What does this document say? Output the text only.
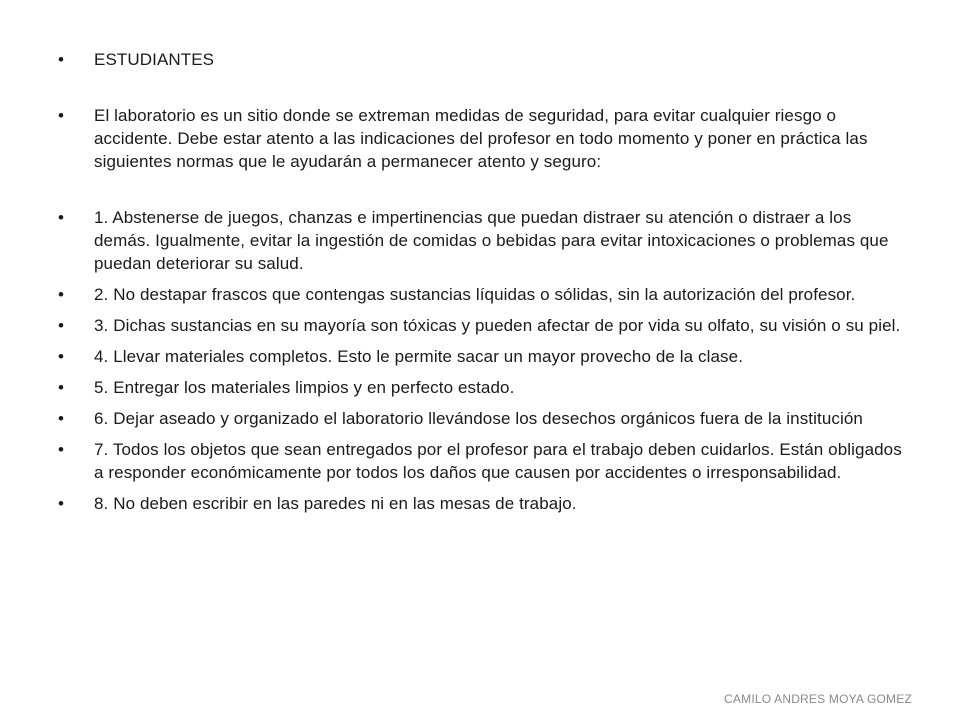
• ESTUDIANTES
• El laboratorio es un sitio donde se extreman medidas de seguridad, para evitar cualquier riesgo o accidente. Debe estar atento a las indicaciones del profesor en todo momento y poner en práctica las siguientes normas que le ayudarán a permanecer atento y seguro:
• 1. Abstenerse de juegos, chanzas e impertinencias que puedan distraer su atención o distraer a los demás. Igualmente, evitar la ingestión de comidas o bebidas para evitar intoxicaciones o problemas que puedan deteriorar su salud.
• 2. No destapar frascos que contengas sustancias líquidas o sólidas, sin la autorización del profesor.
• 3. Dichas sustancias en su mayoría son tóxicas y pueden afectar de por vida su olfato, su visión o su piel.
• 4. Llevar materiales completos. Esto le permite sacar un mayor provecho de la clase.
• 5. Entregar los materiales limpios y en perfecto estado.
• 6. Dejar aseado y organizado el laboratorio llevándose los desechos orgánicos fuera de la institución
• 7. Todos los objetos que sean entregados por el profesor para el trabajo deben cuidarlos. Están obligados a responder económicamente por todos los daños que causen por accidentes o irresponsabilidad.
• 8. No deben escribir en las paredes ni en las mesas de trabajo.
CAMILO ANDRES MOYA GOMEZ
